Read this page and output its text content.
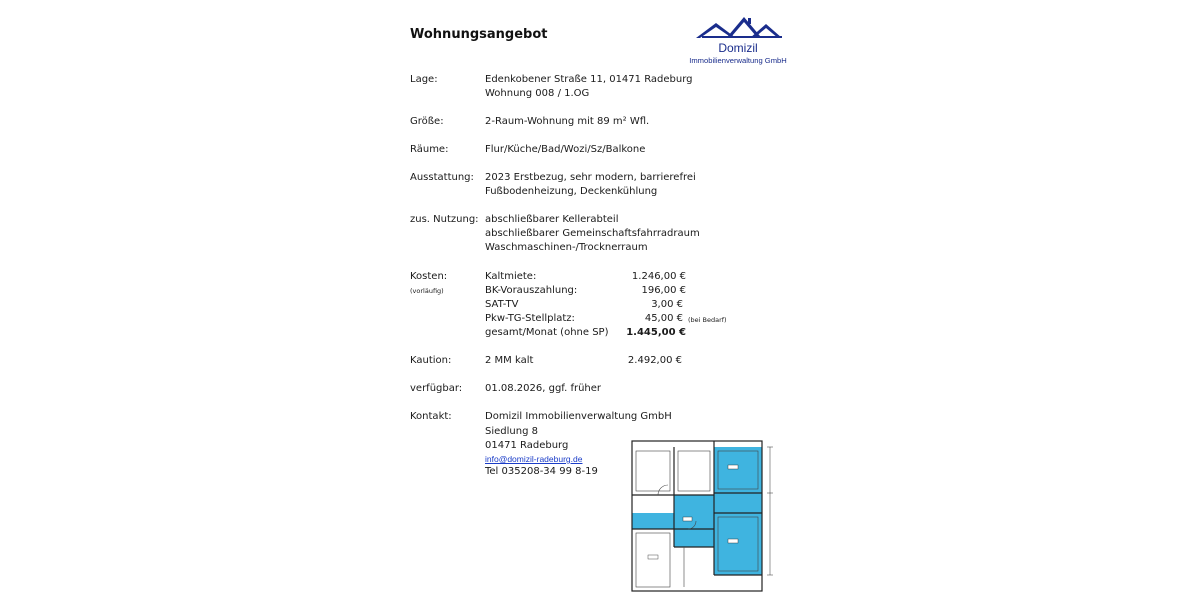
Wohnungsangebot
Domizil
Immobilienverwaltung GmbH
Lage:	Edenkobener Straße 11, 01471 Radeburg
Wohnung 008 / 1.OG
Größe:	2-Raum-Wohnung mit 89 m² Wfl.
Räume:	Flur/Küche/Bad/Wozi/Sz/Balkone
Ausstattung: 2023 Erstbezug, sehr modern, barrierefrei
Fußbodenheizung, Deckenkühlung
zus. Nutzung: abschließbarer Kellerabteil
abschließbarer Gemeinschaftsfahrradraum
Waschmaschinen-/Trocknerraum
Kosten:
(vorläufig)
Kaltmiete:	1.246,00 €
BK-Vorauszahlung:	196,00 €
SAT-TV	3,00 €
Pkw-TG-Stellplatz:	45,00 € (bei Bedarf)
gesamt/Monat (ohne SP)	1.445,00 €
Kaution:	2 MM kalt	2.492,00 €
verfügbar: 01.08.2026, ggf. früher
Kontakt:	Domizil Immobilienverwaltung GmbH
Siedlung 8
01471 Radeburg
info@domizil-radeburg.de
Tel 035208-34 99 8-19
